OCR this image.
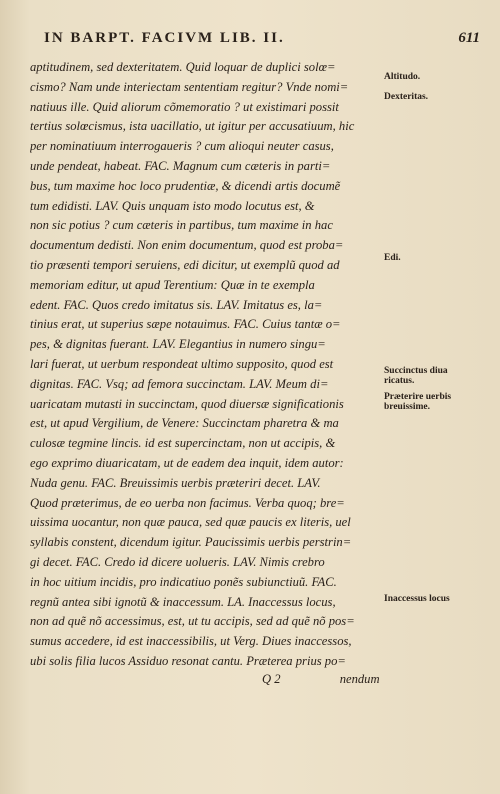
IN BARPT. FACIVM LIB. II.	611
aptitudinem, sed dexteritatem. Quid loquar de duplici solœ=
cismo? Nam unde interiectam sententiam regitur? Vnde nomi=
natiuus ille. Quid aliorum cõmemoratio ? ut existimari possit
tertius solœcismus, ista uacillatio, ut igitur per accusatiuum, hic
per nominatiuum interrogaueris ? cum alioqui neuter casus,
unde pendeat, habeat. FAC. Magnum cum cæteris in parti=
bus, tum maxime hoc loco prudentiæ, & dicendi artis documẽ
tum edidisti. LAV. Quis unquam isto modo locutus est, &
non sic potius ? cum cæteris in partibus, tum maxime in hac
documentum dedisti. Non enim documentum, quod est proba=
tio præsenti tempori seruiens, edi dicitur, ut exemplũ quod ad
memoriam editur, ut apud Terentium: Quæ in te exempla
edent. FAC. Quos credo imitatus sis. LAV. Imitatus es, la=
tinius erat, ut superius sæpe notauimus. FAC. Cuius tantæ o=
pes, & dignitas fuerant. LAV. Elegantius in numero singu=
lari fuerat, ut uerbum respondeat ultimo supposito, quod est
dignitas. FAC. Vsq; ad femora succinctam. LAV. Meum di=
uaricatam mutasti in succinctam, quod diuersæ significationis
est, ut apud Vergilium, de Venere: Succinctam pharetra & ma
culosæ tegmine lincis. id est supercinctam, non ut accipis, &
ego exprimo diuaricatam, ut de eadem dea inquit, idem autor:
Nuda genu. FAC. Breuissimis uerbis præteriri decet. LAV.
Quod præterimus, de eo uerba non facimus. Verba quoq; bre=
uissima uocantur, non quæ pauca, sed quæ paucis ex literis, uel
syllabis constent, dicendum igitur. Paucissimis uerbis perstrin=
gi decet. FAC. Credo id dicere uolueris. LAV. Nimis crebro
in hoc uitium incidis, pro indicatiuo ponẽs subiunctiuũ. FAC.
regnũ antea sibi ignotũ & inaccessum. LA. Inaccessus locus,
non ad quẽ nõ accessimus, est, ut tu accipis, sed ad quẽ nõ pos=
sumus accedere, id est inaccessibilis, ut Verg. Diues inaccessos,
ubi solis filia lucos Assiduo resonat cantu. Præterea prius po=
Altitudo.
Dexteritas.
Edi.
Succinctus diua ricatus.
Præterire uerbis breuissime.
Inaccessus locus
Q 2	nendum
